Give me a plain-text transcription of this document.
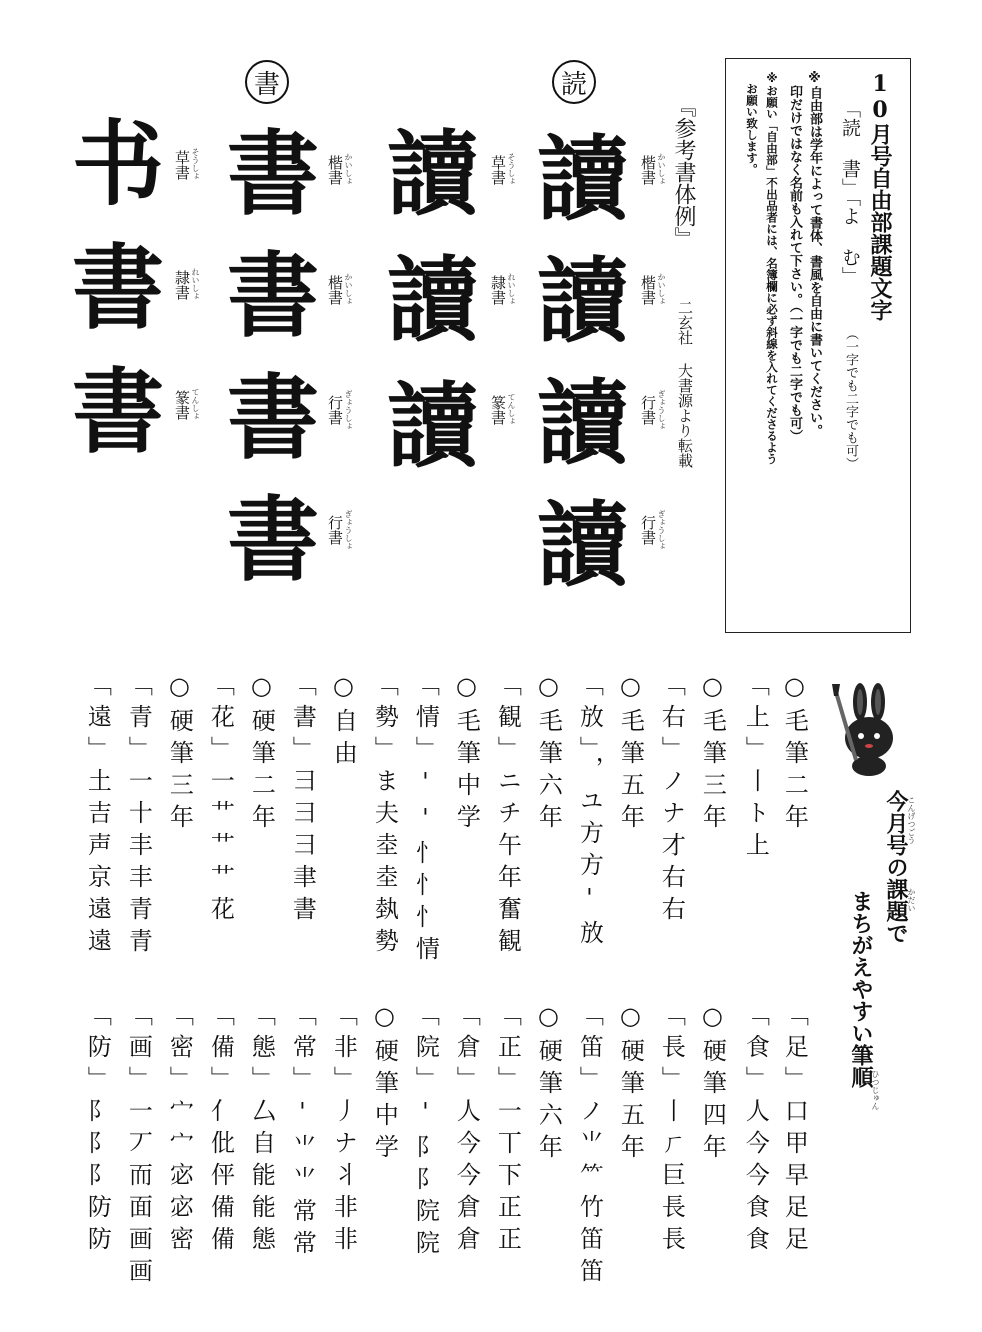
10月号自由部課題文字
「読 書」「よ む」
（一字でも二字でも可）
※自由部は学年によって書体、書風を自由に書いてください。
印だけではなく名前も入れて下さい。（一字でも二字でも可）
※お願い「自由部」不出品者には、名簿欄に必ず斜線を入れてくださるよう
お願い致します。
『参考書体例』
二玄社 大書源より転載
読
書
讀讀讀讀 楷書
楷書
行書
行書
かいしょ
かいしょ
ぎょうしょ
ぎょうしょ
讀讀讀 草書
隷書
篆書
そうしょ
れいしょ
てんしょ
書書書書 楷書
楷書
行書
行書
かいしょ
かいしょ
ぎょうしょ
ぎょうしょ
书書書 草書
隷書
篆書
そうしょ
れいしょ
てんしょ
今月号の課題で
まちがえやすい筆順
こんげつごう
かだい
ひつじゅん
○毛筆二年
「上」丨ト上
○毛筆三年
「右」ノナ才右右
○毛筆五年
「放」，ユ方方'放
○毛筆六年
「観」ニチ午年奮観
○毛筆中学
「情」''忄忄忄情
「勢」ま夫坴坴埶勢
○自由
「書」⺕⺕⺕聿書
○硬筆二年
「花」一艹艹艹花
○硬筆三年
「青」一十丰丰青青
「遠」土吉声京遠遠
「足」口甲早足足
「食」人今今食食
○硬筆四年
「長」丨ㄏ巨長長
○硬筆五年
「笛」ノ⺌⺮竹笛笛
○硬筆六年
「正」一丅下正正
「倉」人今今倉倉
「院」'阝阝院院
○硬筆中学
「非」丿ナ丬非非
「常」'⺌⺌常常
「態」厶自能能態
「備」亻仳伻備備
「密」宀宀宓宓密
「画」一丆而面画画
「防」阝阝阝防防
